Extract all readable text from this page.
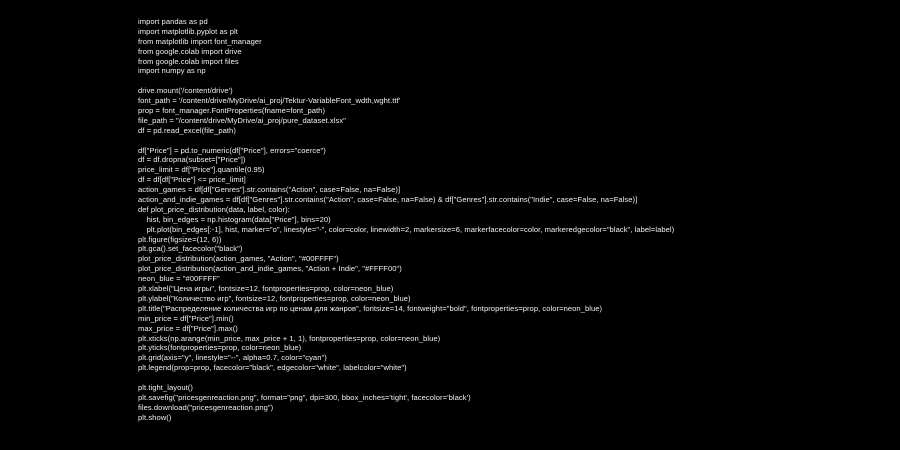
import pandas as pd
import matplotlib.pyplot as plt
from matplotlib import font_manager
from google.colab import drive
from google.colab import files
import numpy as np
drive.mount('/content/drive')
font_path = '/content/drive/MyDrive/ai_proj/Tektur-VariableFont_wdth,wght.ttf'
prop = font_manager.FontProperties(fname=font_path)
file_path = "/content/drive/MyDrive/ai_proj/pure_dataset.xlsx"
df = pd.read_excel(file_path)
df["Price"] = pd.to_numeric(df["Price"], errors="coerce")
df = df.dropna(subset=["Price"])
price_limit = df["Price"].quantile(0.95)
df = df[df["Price"] <= price_limit]
action_games = df[df["Genres"].str.contains("Action", case=False, na=False)]
action_and_indie_games = df[df["Genres"].str.contains("Action", case=False, na=False) & df["Genres"].str.contains("Indie", case=False, na=False)]
def plot_price_distribution(data, label, color):
hist, bin_edges = np.histogram(data["Price"], bins=20)
plt.plot(bin_edges[:-1], hist, marker="o", linestyle="-", color=color, linewidth=2, markersize=6, markerfacecolor=color, markeredgecolor="black", label=label)
plt.figure(figsize=(12, 6))
plt.gca().set_facecolor("black")
plot_price_distribution(action_games, "Action", "#00FFFF")
plot_price_distribution(action_and_indie_games, "Action + Indie", "#FFFF00")
neon_blue = "#00FFFF"
plt.xlabel("Цена игры", fontsize=12, fontproperties=prop, color=neon_blue)
plt.ylabel("Количество игр", fontsize=12, fontproperties=prop, color=neon_blue)
plt.title("Распределение количества игр по ценам для жанров", fontsize=14, fontweight="bold", fontproperties=prop, color=neon_blue)
min_price = df["Price"].min()
max_price = df["Price"].max()
plt.xticks(np.arange(min_price, max_price + 1, 1), fontproperties=prop, color=neon_blue)
plt.yticks(fontproperties=prop, color=neon_blue)
plt.grid(axis="y", linestyle="--", alpha=0.7, color="cyan")
plt.legend(prop=prop, facecolor="black", edgecolor="white", labelcolor="white")
plt.tight_layout()
plt.savefig("pricesgenreaction.png", format="png", dpi=300, bbox_inches='tight', facecolor='black')
files.download("pricesgenreaction.png")
plt.show()
